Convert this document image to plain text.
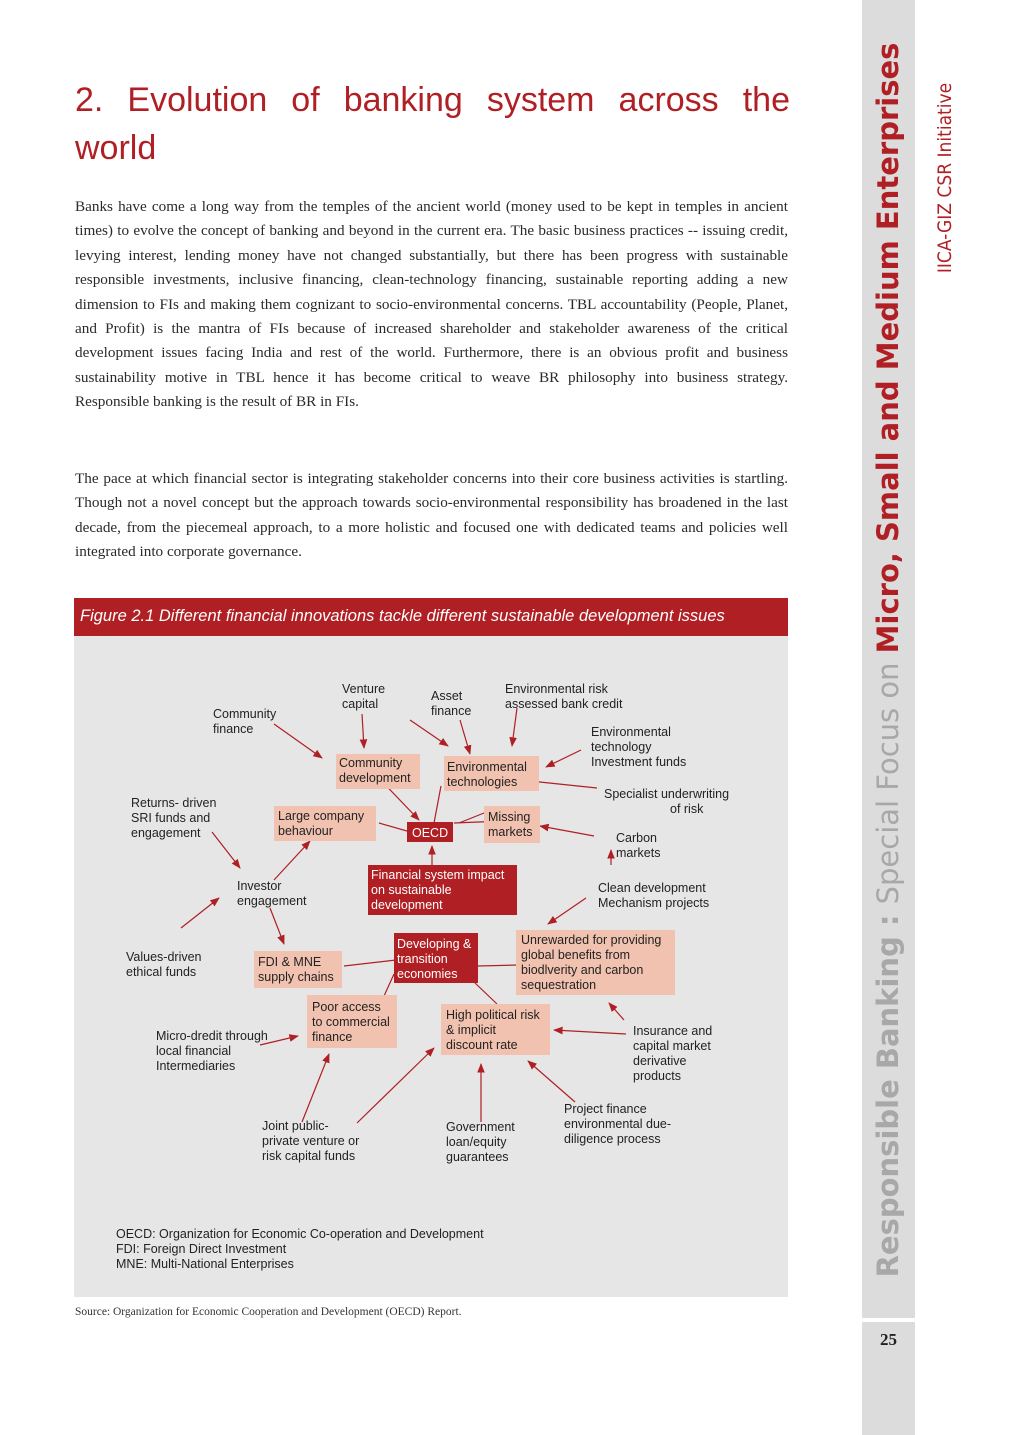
2. Evolution of banking system across the world

Banks have come a long way from the temples of the ancient world (money used to be kept in temples in ancient times) to evolve the concept of banking and beyond in the current era. The basic business practices -- issuing credit, levying interest, lending money have not changed substantially, but there has been progress with sustainable responsible investments, inclusive financing, clean-technology financing, sustainable reporting adding a new dimension to FIs and making them cognizant to socio-environmental concerns. TBL accountability (People, Planet, and Profit) is the mantra of FIs because of increased shareholder and stakeholder awareness of the critical development issues facing India and rest of the world. Furthermore, there is an obvious profit and business sustainability motive in TBL hence it has become critical to weave BR philosophy into business strategy. Responsible banking is the result of BR in FIs.

The pace at which financial sector is integrating stakeholder concerns into their core business activities is startling. Though not a novel concept but the approach towards socio-environmental responsibility has broadened in the last decade, from the piecemeal approach, to a more holistic and focused one with dedicated teams and policies well integrated into corporate governance.

Figure 2.1 Different financial innovations tackle different sustainable development issues
Venture capital
Asset finance
Environmental risk assessed bank credit
Community finance	Environmental technology Investment funds
Community development
Environmental technologies
Specialist underwriting of risk
Returns- driven SRI funds and engagement
Large company behaviour
Missing markets	Carbon markets
Investor engagement
Clean development Mechanism projects
Values-driven ethical funds
FDI & MNE supply chains
Unrewarded for providing global benefits from biodlverity and carbon sequestration
Poor access to commercial finance
High political risk & implicit discount rate
Micro-dredit through local financial Intermediaries
Insurance and capital market derivative products
Project finance environmental due-diligence process
Joint public-private venture or risk capital funds
Government loan/equity guarantees
OECD: Organization for Economic Co-operation and Development FDI: Foreign Direct Investment MNE: Multi-National Enterprises
OECD
Financial system impact on sustainable development
Developing & transition economies
Source: Organization for Economic Cooperation and Development (OECD) Report.
Responsible Banking : Special Focus on Micro, Small and Medium Enterprises IICA-GIZ CSR Initiative
25
